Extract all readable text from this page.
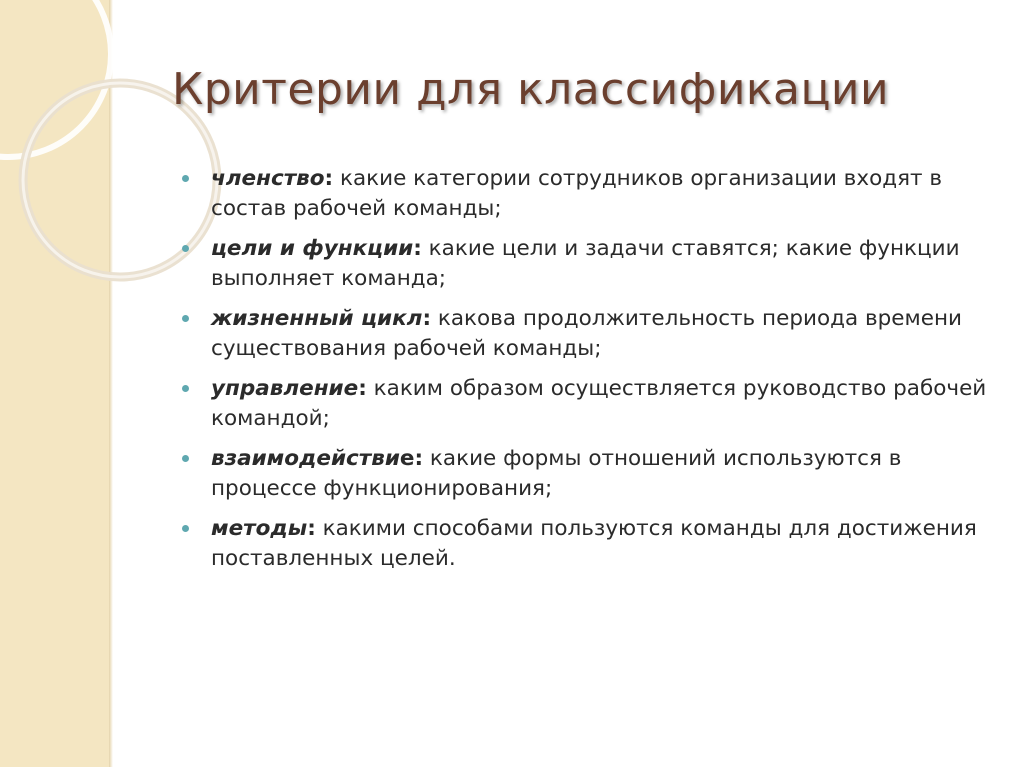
Критерии для классификации
членство: какие категории сотрудников организации входят в состав рабочей команды;
цели и функции: какие цели и задачи ставятся; какие функции выполняет команда;
жизненный цикл: какова продолжительность периода времени существования рабочей команды;
управление: каким образом осуществляется руководство рабочей командой;
взаимодействие: какие формы отношений используются в процессе функционирования;
методы: какими способами пользуются команды для достижения поставленных целей.
